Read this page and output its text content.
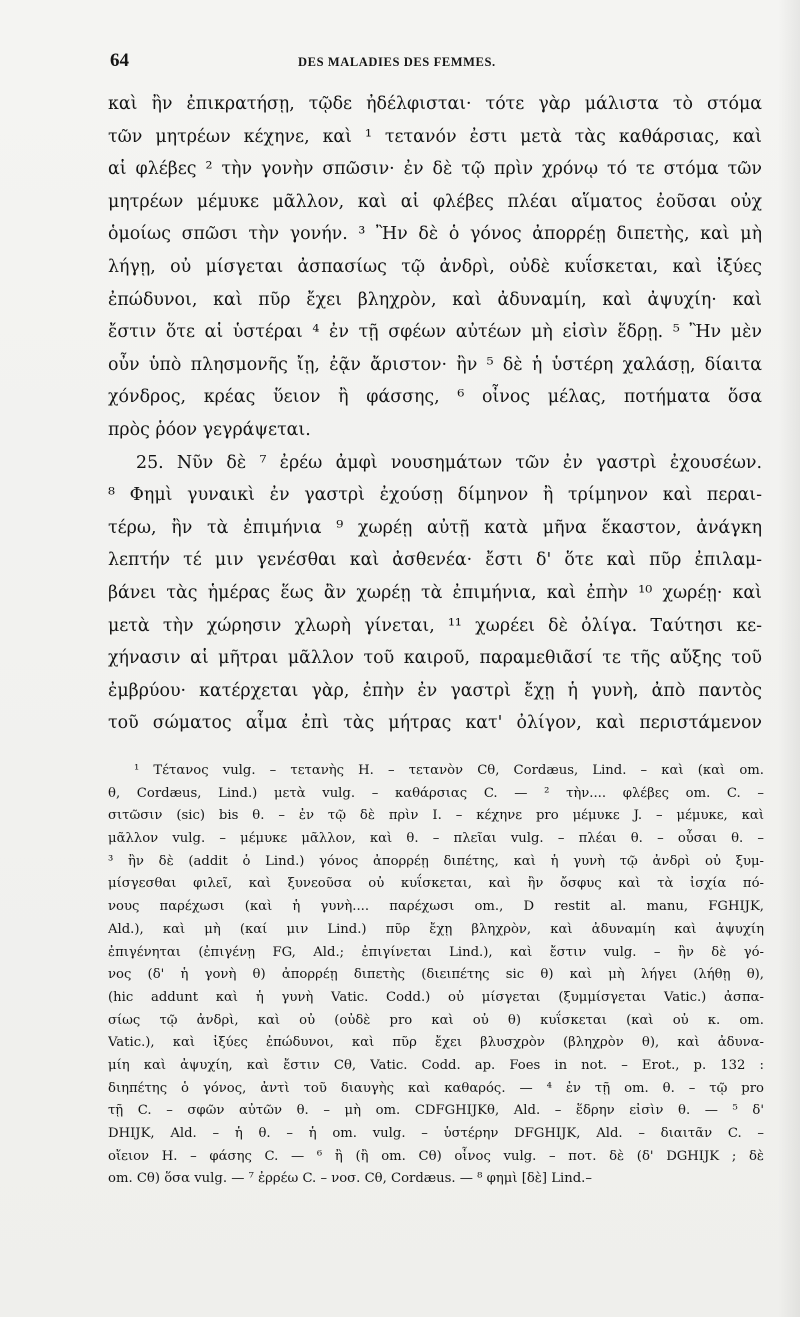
64	DES MALADIES DES FEMMES.
καὶ ἢν ἐπικρατήσῃ, τῷδε ἠδέλφισται· τότε γὰρ μάλιστα τὸ στόμα
τῶν μητρέων κέχηνε, καὶ ¹ τετανόν ἐστι μετὰ τὰς καθάρσιας, καὶ
αἱ φλέβες ² τὴν γονὴν σπῶσιν· ἐν δὲ τῷ πρὶν χρόνῳ τό τε στόμα τῶν
μητρέων μέμυκε μᾶλλον, καὶ αἱ φλέβες πλέαι αἵματος ἐοῦσαι οὐχ
ὁμοίως σπῶσι τὴν γονήν. ³ Ἢν δὲ ὁ γόνος ἀπορρέῃ διπετὴς, καὶ μὴ
λήγῃ, οὐ μίσγεται ἀσπασίως τῷ ἀνδρὶ, οὐδὲ κυΐσκεται, καὶ ἰξύες
ἐπώδυνοι, καὶ πῦρ ἔχει βληχρὸν, καὶ ἀδυναμίη, καὶ ἀψυχίη· καὶ
ἔστιν ὅτε αἱ ὑστέραι ⁴ ἐν τῇ σφέων αὐτέων μὴ εἰσὶν ἕδρῃ. ⁵ Ἢν μὲν
οὖν ὑπὸ πλησμονῆς ἴῃ, ἐᾷν ἄριστον· ἢν ⁵ δὲ ἡ ὑστέρη χαλάσῃ, δίαιτα
χόνδρος, κρέας ὕειον ἢ φάσσης, ⁶ οἶνος μέλας, ποτήματα ὅσα
πρὸς ῥόον γεγράψεται.
25. Νῦν δὲ ⁷ ἐρέω ἀμφὶ νουσημάτων τῶν ἐν γαστρὶ ἐχουσέων.
⁸ Φημὶ γυναικὶ ἐν γαστρὶ ἐχούσῃ δίμηνον ἢ τρίμηνον καὶ περαι-
τέρω, ἢν τὰ ἐπιμήνια ⁹ χωρέῃ αὐτῇ κατὰ μῆνα ἕκαστον, ἀνάγκη
λεπτήν τέ μιν γενέσθαι καὶ ἀσθενέα· ἔστι δ' ὅτε καὶ πῦρ ἐπιλαμ-
βάνει τὰς ἡμέρας ἕως ἂν χωρέῃ τὰ ἐπιμήνια, καὶ ἐπὴν ¹⁰ χωρέῃ· καὶ
μετὰ τὴν χώρησιν χλωρὴ γίνεται, ¹¹ χωρέει δὲ ὀλίγα. Ταύτησι κε-
χήνασιν αἱ μῆτραι μᾶλλον τοῦ καιροῦ, παραμεθιᾶσί τε τῆς αὔξης τοῦ
ἐμβρύου· κατέρχεται γὰρ, ἐπὴν ἐν γαστρὶ ἔχῃ ἡ γυνὴ, ἀπὸ παντὸς
τοῦ σώματος αἷμα ἐπὶ τὰς μήτρας κατ' ὀλίγον, καὶ περιστάμενον
¹ Τέτανος vulg. – τετανὴς H. – τετανὸν Cθ, Cordæus, Lind. – καὶ (καὶ om.
θ, Cordæus, Lind.) μετὰ vulg. – καθάρσιας C. — ² τὴν.... φλέβες om. C. –
σιτῶσιν (sic) bis θ. – ἐν τῷ δὲ πρὶν I. – κέχηνε pro μέμυκε J. – μέμυκε, καὶ
μᾶλλον vulg. – μέμυκε μᾶλλον, καὶ θ. – πλεῖαι vulg. – πλέαι θ. – οὖσαι θ. –
³ ἢν δὲ (addit ὁ Lind.) γόνος ἀπορρέῃ διπέτης, καὶ ἡ γυνὴ τῷ ἀνδρὶ οὐ ξυμ-
μίσγεσθαι φιλεῖ, καὶ ξυνεοῦσα οὐ κυΐσκεται, καὶ ἢν ὄσφυς καὶ τὰ ἰσχία πό-
νους παρέχωσι (καὶ ἡ γυνὴ.... παρέχωσι om., D restit al. manu, FGHIJK,
Ald.), καὶ μὴ (καί μιν Lind.) πῦρ ἔχῃ βληχρὸν, καὶ ἀδυναμίη καὶ ἀψυχίη
ἐπιγένηται (ἐπιγένῃ FG, Ald.; ἐπιγίνεται Lind.), καὶ ἔστιν vulg. – ἢν δὲ γό-
νος (δ' ἡ γονὴ θ) ἀπορρέῃ διπετὴς (διειπέτης sic θ) καὶ μὴ λήγει (λήθῃ θ),
(hic addunt καὶ ἡ γυνὴ Vatic. Codd.) οὐ μίσγεται (ξυμμίσγεται Vatic.) ἀσπα-
σίως τῷ ἀνδρὶ, καὶ οὐ (οὐδὲ pro καὶ οὐ θ) κυΐσκεται (καὶ οὐ κ. om.
Vatic.), καὶ ἰξύες ἐπώδυνοι, καὶ πῦρ ἔχει βλυσχρὸν (βληχρὸν θ), καὶ ἀδυνα-
μίη καὶ ἀψυχίη, καὶ ἔστιν Cθ, Vatic. Codd. ap. Foes in not. – Erot., p. 132 :
διηπέτης ὁ γόνος, ἀντὶ τοῦ διαυγὴς καὶ καθαρός. — ⁴ ἐν τῇ om. θ. – τῷ pro
τῇ C. – σφῶν αὐτῶν θ. – μὴ om. CDFGHIJKθ, Ald. – ἕδρην εἰσὶν θ. — ⁵ δ'
DHIJK, Ald. – ἡ θ. – ἡ om. vulg. – ὑστέρην DFGHIJK, Ald. – διαιτᾶν C. –
οἴειον H. – φάσης C. — ⁶ ἢ (ἢ om. Cθ) οἶνος vulg. – ποτ. δὲ (δ' DGHIJK ; δὲ
om. Cθ) ὅσα vulg. — ⁷ ἐρρέω C. – νοσ. Cθ, Cordæus. — ⁸ φημὶ [δὲ] Lind.–
